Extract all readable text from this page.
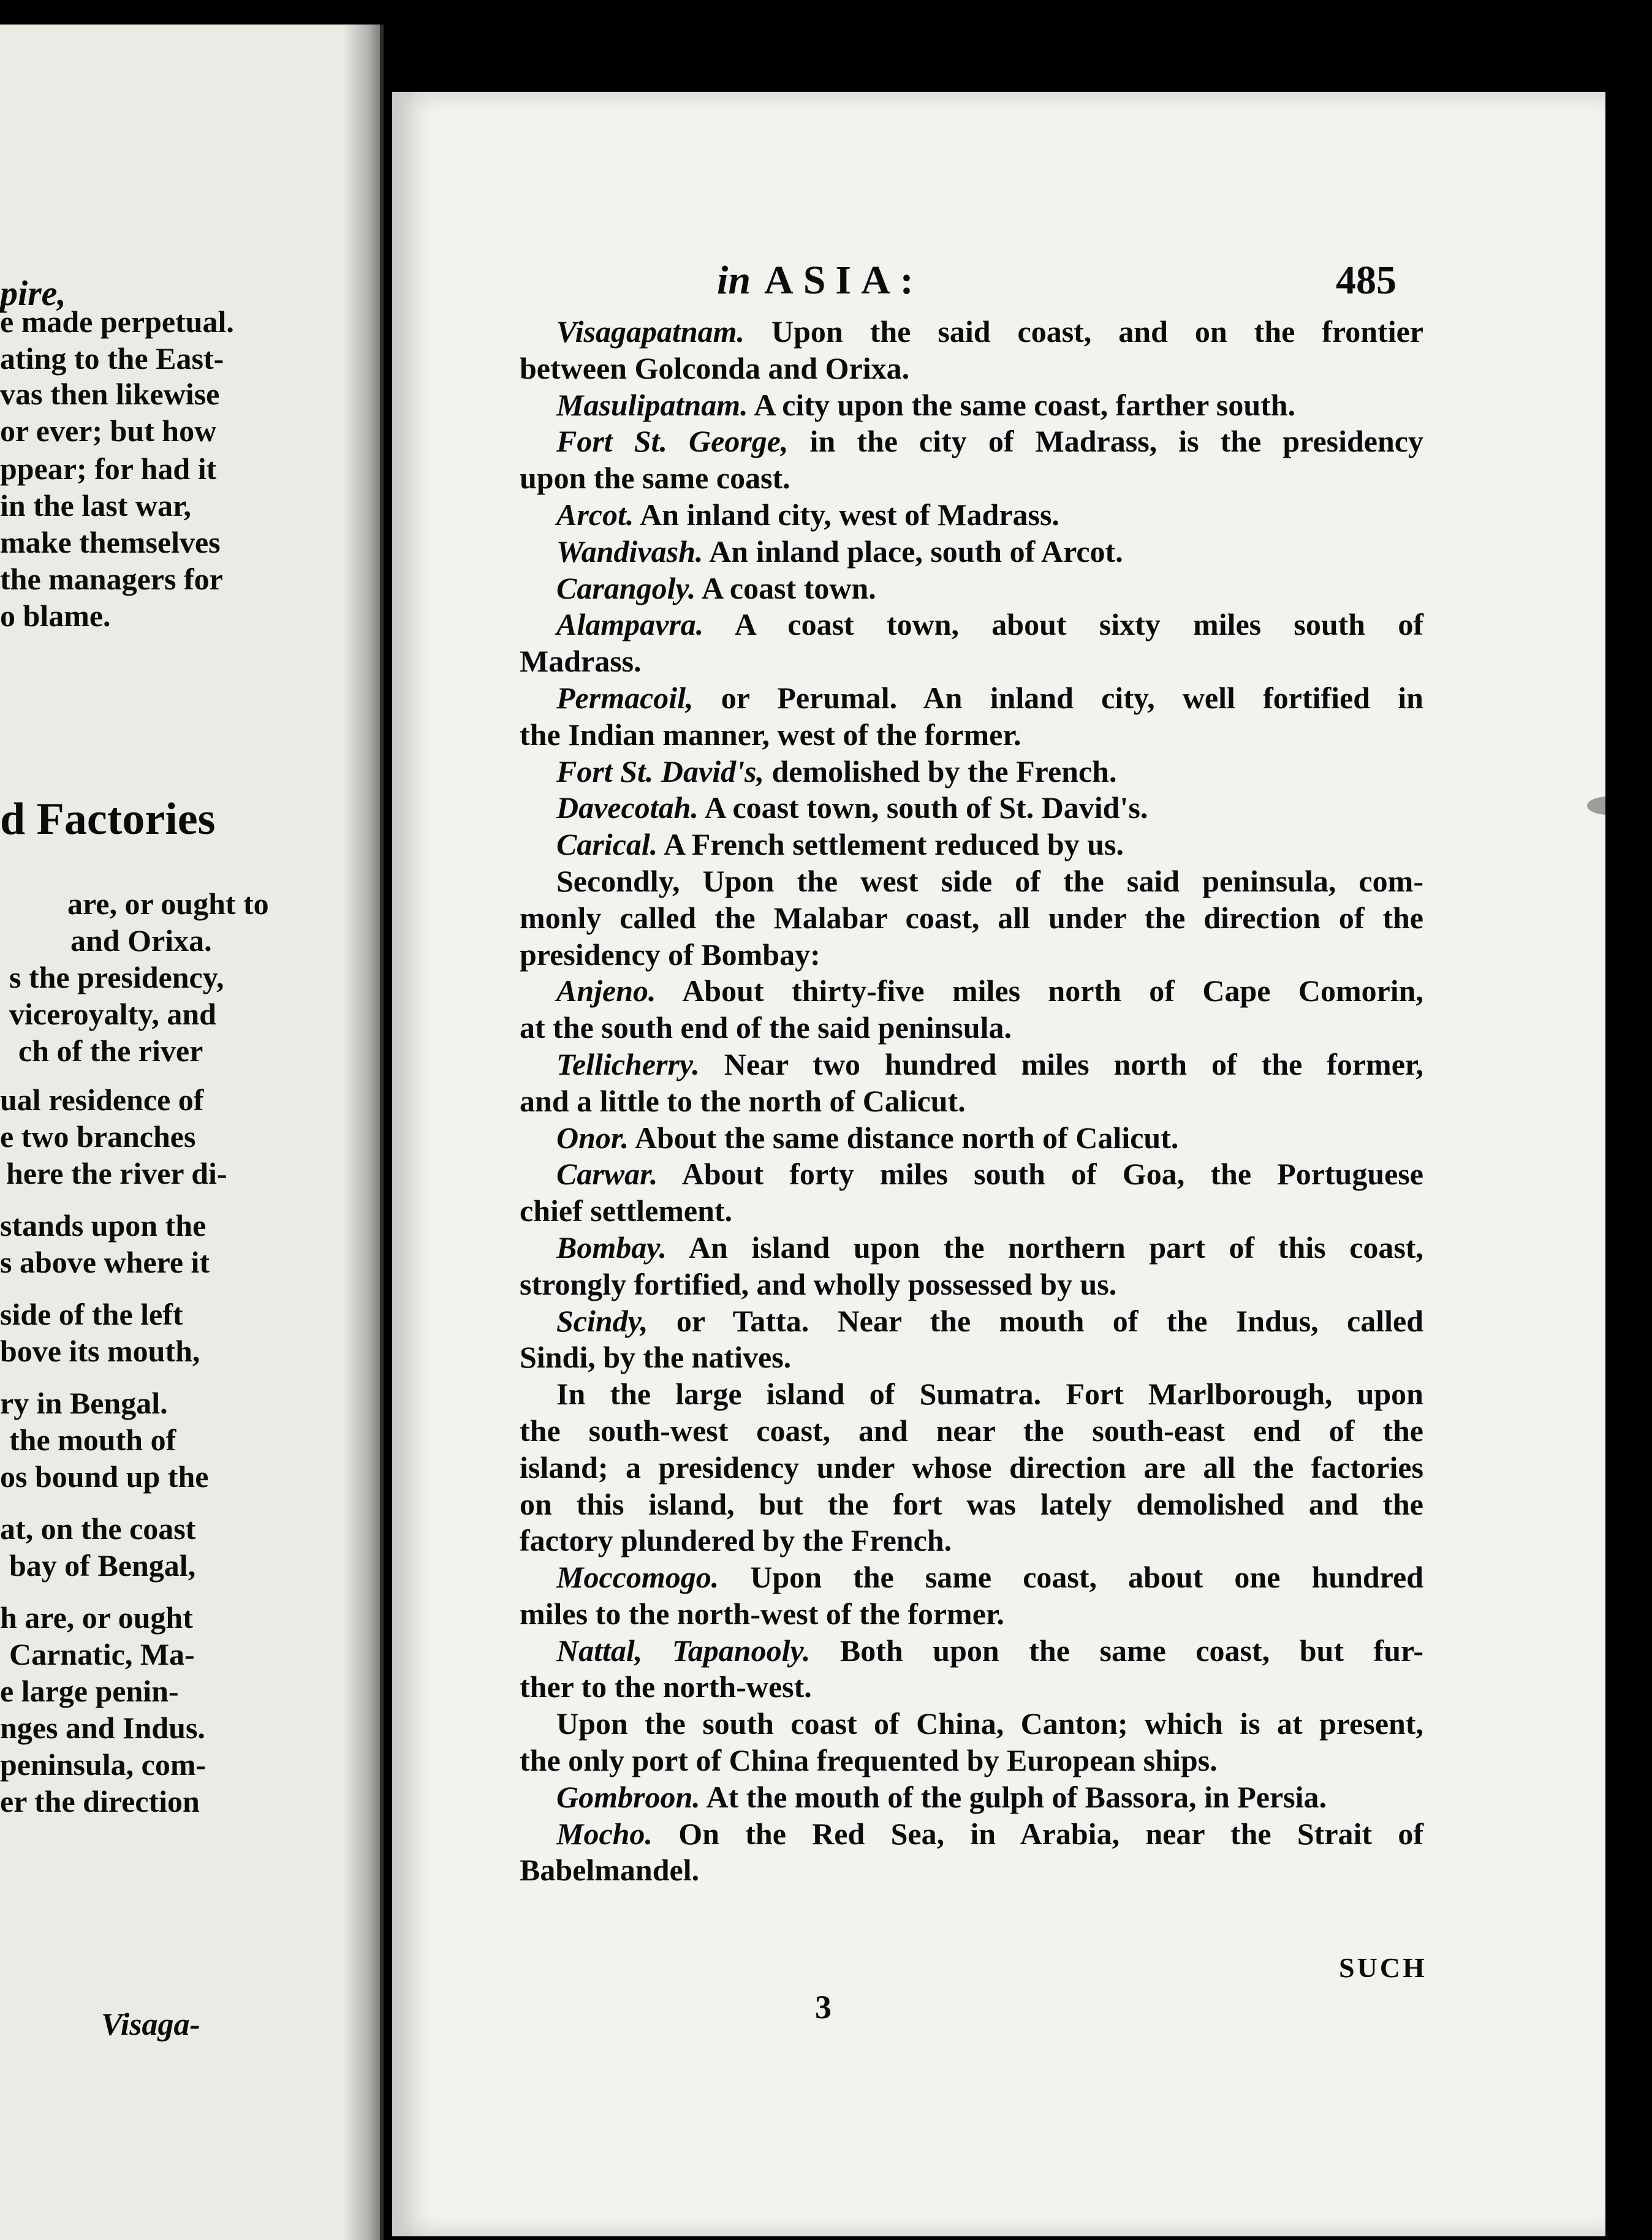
pire,
e made perpetual.
ating to the East-
vas then likewise
or ever; but how
ppear; for had it
in the last war,
make themselves
the managers for
o blame.
d Factories
are, or ought to
and Orixa.
s the presidency,
viceroyalty, and
ch of the river
ual residence of
e two branches
here the river di-
stands upon the
s above where it
side of the left
bove its mouth,
ry in Bengal.
the mouth of
os bound up the
at, on the coast
bay of Bengal,
h are, or ought
Carnatic, Ma-
e large penin-
nges and Indus.
peninsula, com-
er the direction
Visaga-
in ASIA:	485
Visagapatnam. Upon the said coast, and on the frontier
between Golconda and Orixa.
Masulipatnam. A city upon the same coast, farther south.
Fort St. George, in the city of Madrass, is the presidency
upon the same coast.
Arcot. An inland city, west of Madrass.
Wandivash. An inland place, south of Arcot.
Carangoly. A coast town.
Alampavra. A coast town, about sixty miles south of
Madrass.
Permacoil, or Perumal. An inland city, well fortified in
the Indian manner, west of the former.
Fort St. David's, demolished by the French.
Davecotah. A coast town, south of St. David's.
Carical. A French settlement reduced by us.
Secondly, Upon the west side of the said peninsula, com-
monly called the Malabar coast, all under the direction of the
presidency of Bombay:
Anjeno. About thirty-five miles north of Cape Comorin,
at the south end of the said peninsula.
Tellicherry. Near two hundred miles north of the former,
and a little to the north of Calicut.
Onor. About the same distance north of Calicut.
Carwar. About forty miles south of Goa, the Portuguese
chief settlement.
Bombay. An island upon the northern part of this coast,
strongly fortified, and wholly possessed by us.
Scindy, or Tatta. Near the mouth of the Indus, called
Sindi, by the natives.
In the large island of Sumatra. Fort Marlborough, upon
the south-west coast, and near the south-east end of the
island; a presidency under whose direction are all the factories
on this island, but the fort was lately demolished and the
factory plundered by the French.
Moccomogo. Upon the same coast, about one hundred
miles to the north-west of the former.
Nattal, Tapanooly. Both upon the same coast, but fur-
ther to the north-west.
Upon the south coast of China, Canton; which is at present,
the only port of China frequented by European ships.
Gombroon. At the mouth of the gulph of Bassora, in Persia.
Mocho. On the Red Sea, in Arabia, near the Strait of
Babelmandel.
SUCH
3
